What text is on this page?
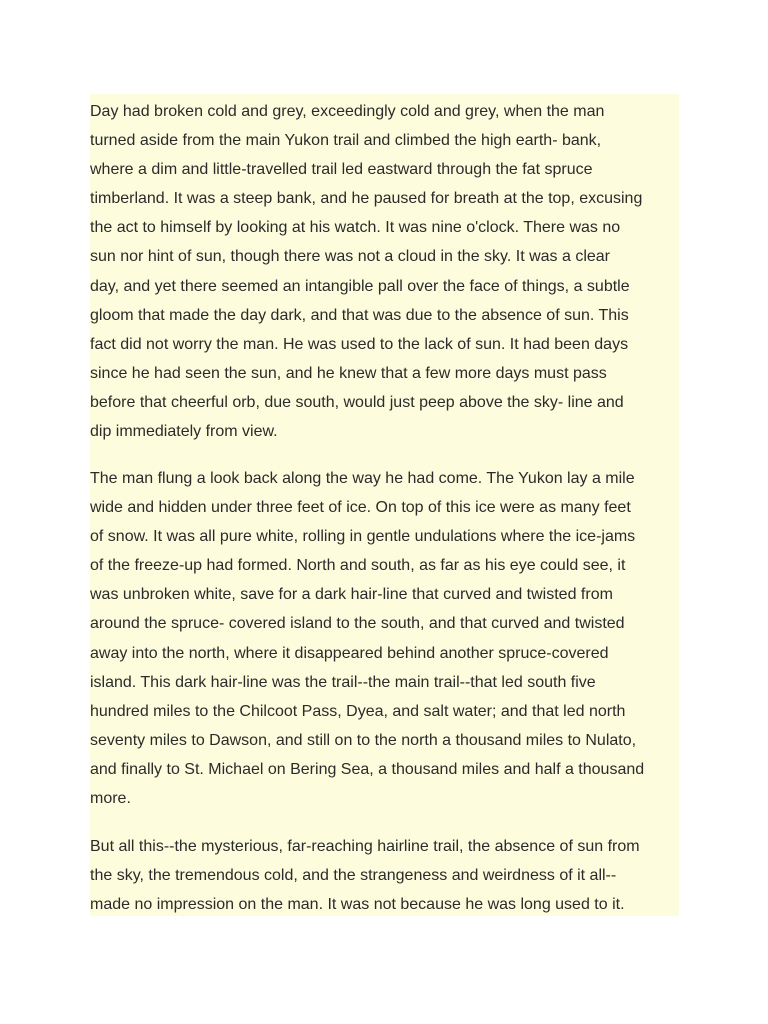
Day had broken cold and grey, exceedingly cold and grey, when the man
turned aside from the main Yukon trail and climbed the high earth- bank,
where a dim and little-travelled trail led eastward through the fat spruce
timberland. It was a steep bank, and he paused for breath at the top, excusing
the act to himself by looking at his watch. It was nine o'clock. There was no
sun nor hint of sun, though there was not a cloud in the sky. It was a clear
day, and yet there seemed an intangible pall over the face of things, a subtle
gloom that made the day dark, and that was due to the absence of sun. This
fact did not worry the man. He was used to the lack of sun. It had been days
since he had seen the sun, and he knew that a few more days must pass
before that cheerful orb, due south, would just peep above the sky- line and
dip immediately from view.

The man flung a look back along the way he had come. The Yukon lay a mile
wide and hidden under three feet of ice. On top of this ice were as many feet
of snow. It was all pure white, rolling in gentle undulations where the ice-jams
of the freeze-up had formed. North and south, as far as his eye could see, it
was unbroken white, save for a dark hair-line that curved and twisted from
around the spruce- covered island to the south, and that curved and twisted
away into the north, where it disappeared behind another spruce-covered
island. This dark hair-line was the trail--the main trail--that led south five
hundred miles to the Chilcoot Pass, Dyea, and salt water; and that led north
seventy miles to Dawson, and still on to the north a thousand miles to Nulato,
and finally to St. Michael on Bering Sea, a thousand miles and half a thousand
more.

But all this--the mysterious, far-reaching hairline trail, the absence of sun from
the sky, the tremendous cold, and the strangeness and weirdness of it all--
made no impression on the man. It was not because he was long used to it.
